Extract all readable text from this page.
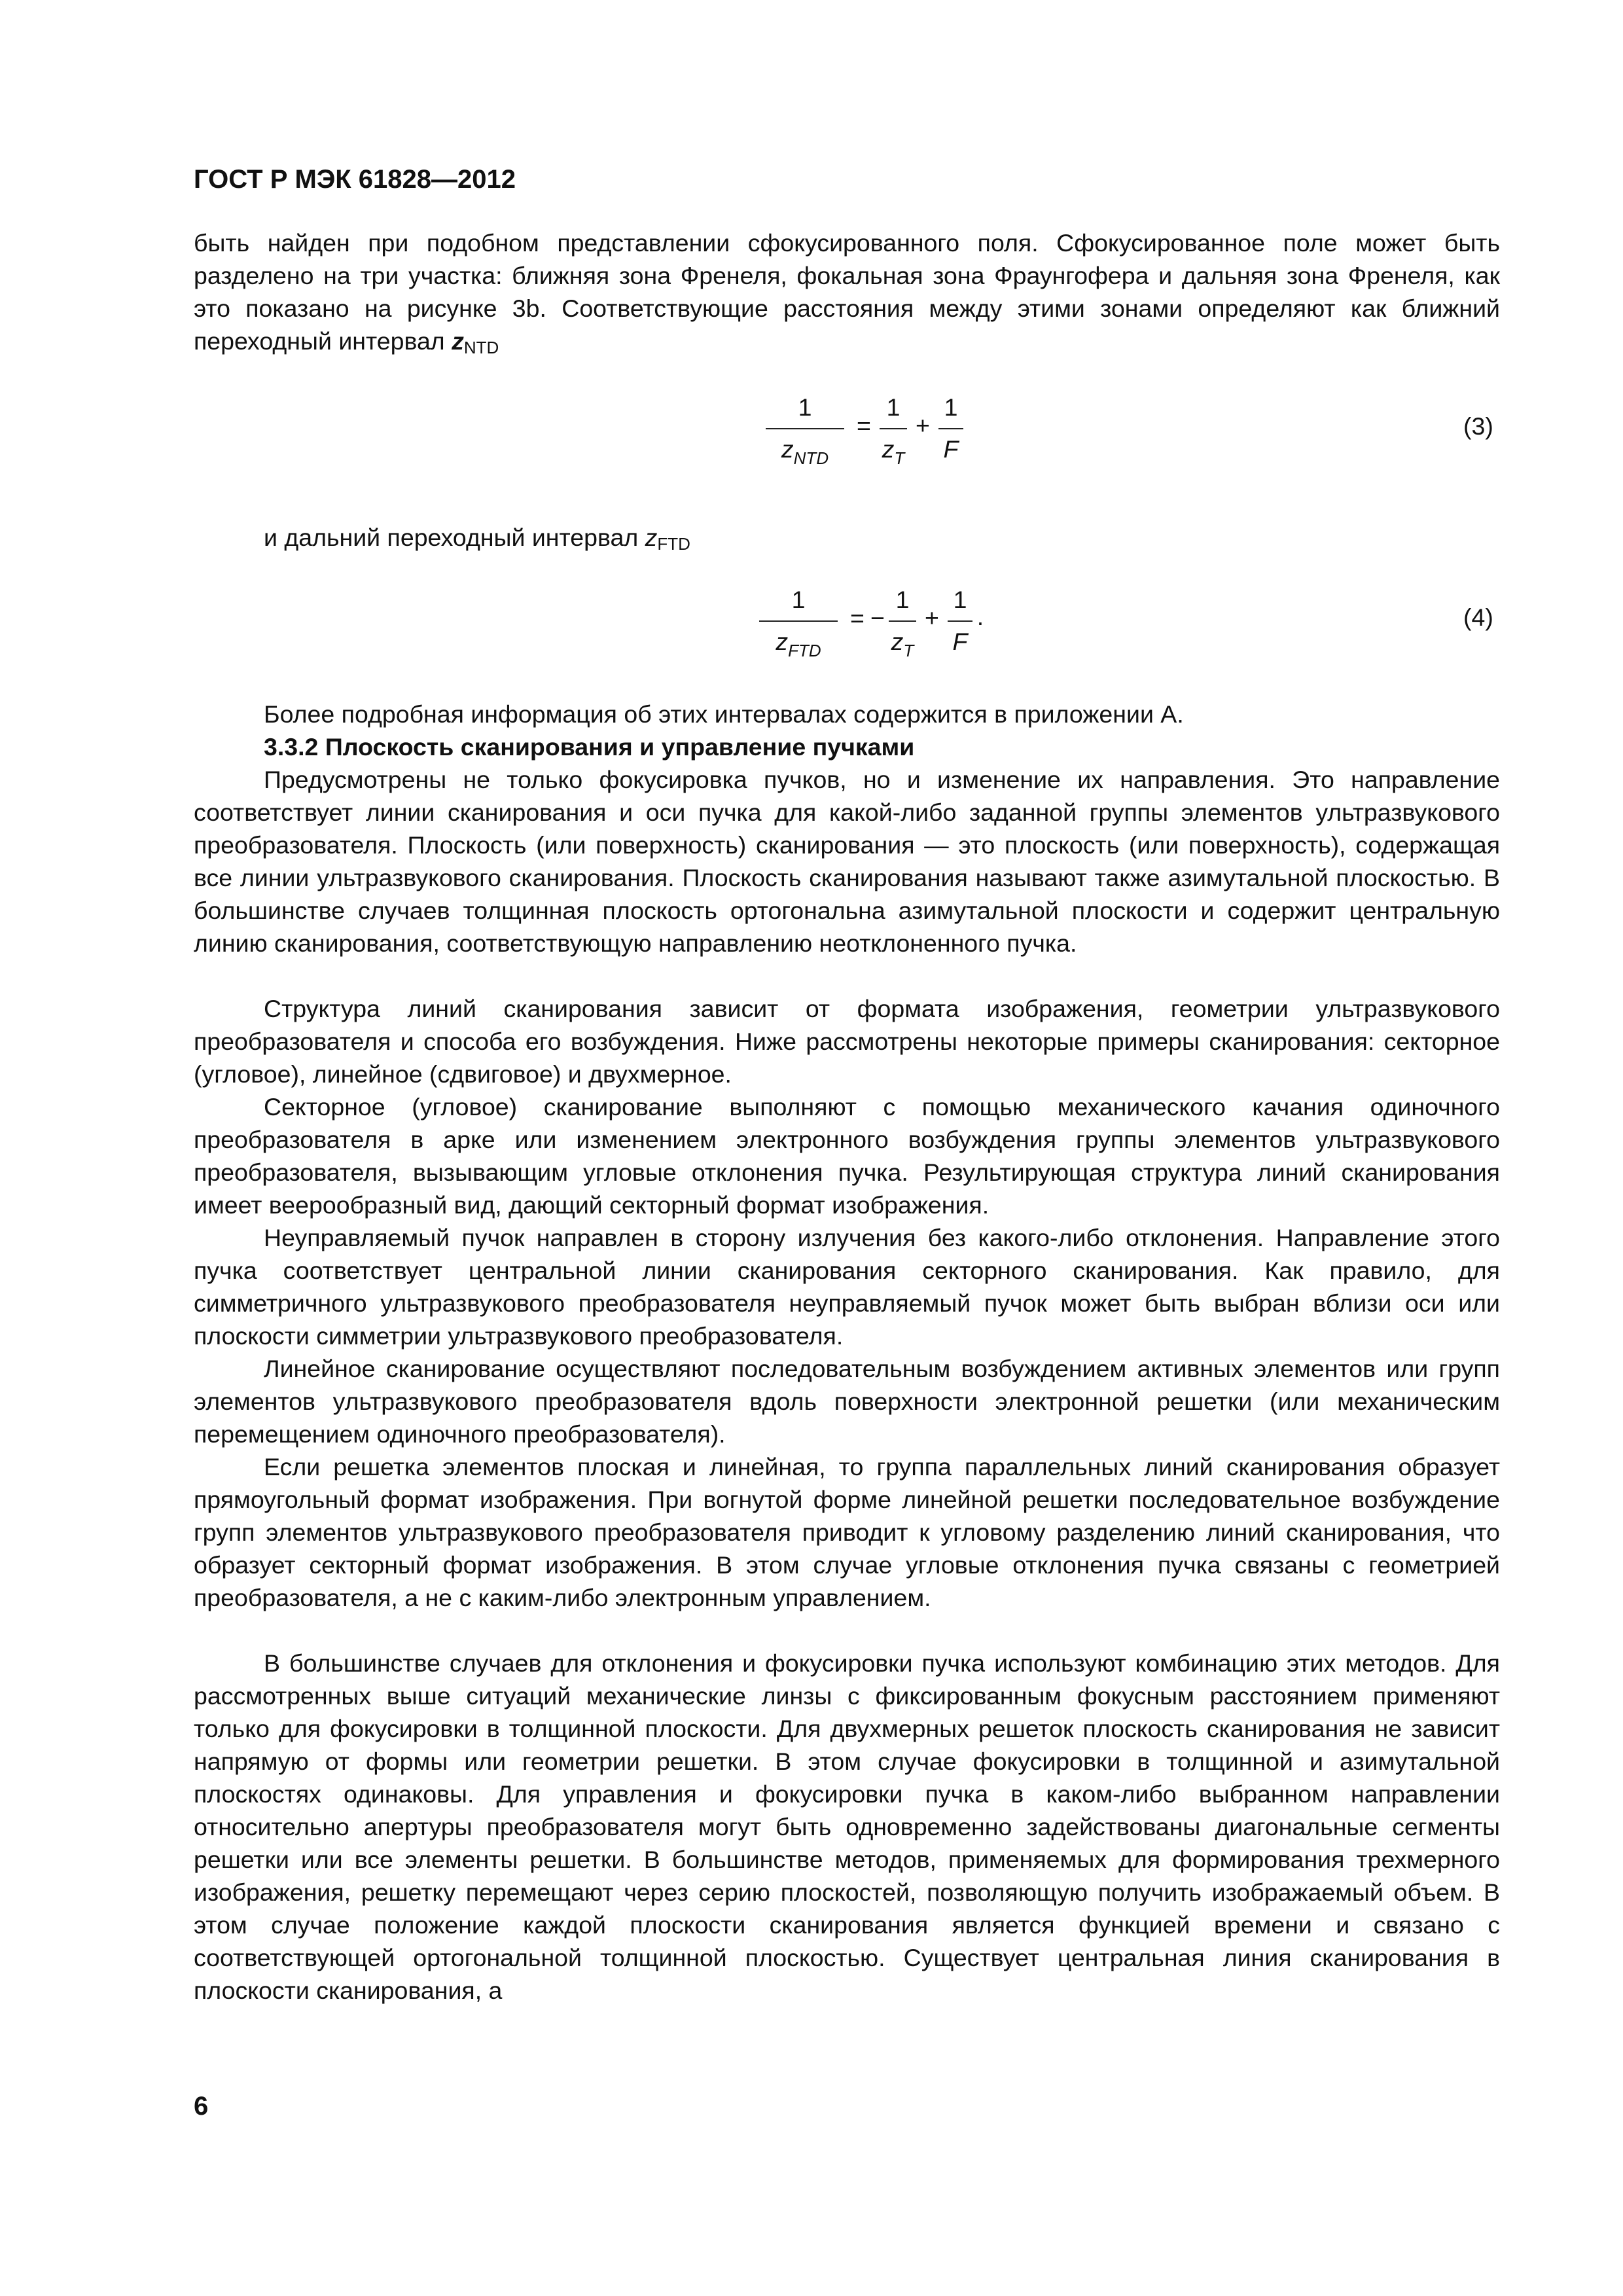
ГОСТ Р МЭК 61828—2012

быть найден при подобном представлении сфокусированного поля. Сфокусированное поле может быть разделено на три участка: ближняя зона Френеля, фокальная зона Фраунгофера и дальняя зона Френеля, как это показано на рисунке 3b. Соответствующие расстояния между этими зонами определяют как ближний переходный интервал $z_{NTD}$

1
$z_{NTD}$
=
1
$z_T$
+
1
F
(3)

и дальний переходный интервал $z_{FTD}$

1
$z_{FTD}$
= −
1
$z_T$
+
1
F
.	(4)

Более подробная информация об этих интервалах содержится в приложении А.

3.3.2 Плоскость сканирования и управление пучками

Предусмотрены не только фокусировка пучков, но и изменение их направления. Это направление соответствует линии сканирования и оси пучка для какой-либо заданной группы элементов ультразвукового преобразователя. Плоскость (или поверхность) сканирования — это плоскость (или поверхность), содержащая все линии ультразвукового сканирования. Плоскость сканирования называют также азимутальной плоскостью. В большинстве случаев толщинная плоскость ортогональна азимутальной плоскости и содержит центральную линию сканирования, соответствующую направлению неотклоненного пучка.

Структура линий сканирования зависит от формата изображения, геометрии ультразвукового преобразователя и способа его возбуждения. Ниже рассмотрены некоторые примеры сканирования: секторное (угловое), линейное (сдвиговое) и двухмерное.

Секторное (угловое) сканирование выполняют с помощью механического качания одиночного преобразователя в арке или изменением электронного возбуждения группы элементов ультразвукового преобразователя, вызывающим угловые отклонения пучка. Результирующая структура линий сканирования имеет веерообразный вид, дающий секторный формат изображения.

Неуправляемый пучок направлен в сторону излучения без какого-либо отклонения. Направление этого пучка соответствует центральной линии сканирования секторного сканирования. Как правило, для симметричного ультразвукового преобразователя неуправляемый пучок может быть выбран вблизи оси или плоскости симметрии ультразвукового преобразователя.

Линейное сканирование осуществляют последовательным возбуждением активных элементов или групп элементов ультразвукового преобразователя вдоль поверхности электронной решетки (или механическим перемещением одиночного преобразователя).

Если решетка элементов плоская и линейная, то группа параллельных линий сканирования образует прямоугольный формат изображения. При вогнутой форме линейной решетки последовательное возбуждение групп элементов ультразвукового преобразователя приводит к угловому разделению линий сканирования, что образует секторный формат изображения. В этом случае угловые отклонения пучка связаны с геометрией преобразователя, а не с каким-либо электронным управлением.

В большинстве случаев для отклонения и фокусировки пучка используют комбинацию этих методов. Для рассмотренных выше ситуаций механические линзы с фиксированным фокусным расстоянием применяют только для фокусировки в толщинной плоскости. Для двухмерных решеток плоскость сканирования не зависит напрямую от формы или геометрии решетки. В этом случае фокусировки в толщинной и азимутальной плоскостях одинаковы. Для управления и фокусировки пучка в каком-либо выбранном направлении относительно апертуры преобразователя могут быть одновременно задействованы диагональные сегменты решетки или все элементы решетки. В большинстве методов, применяемых для формирования трехмерного изображения, решетку перемещают через серию плоскостей, позволяющую получить изображаемый объем. В этом случае положение каждой плоскости сканирования является функцией времени и связано с соответствующей ортогональной толщинной плоскостью. Существует центральная линия сканирования в плоскости сканирования, а

6
